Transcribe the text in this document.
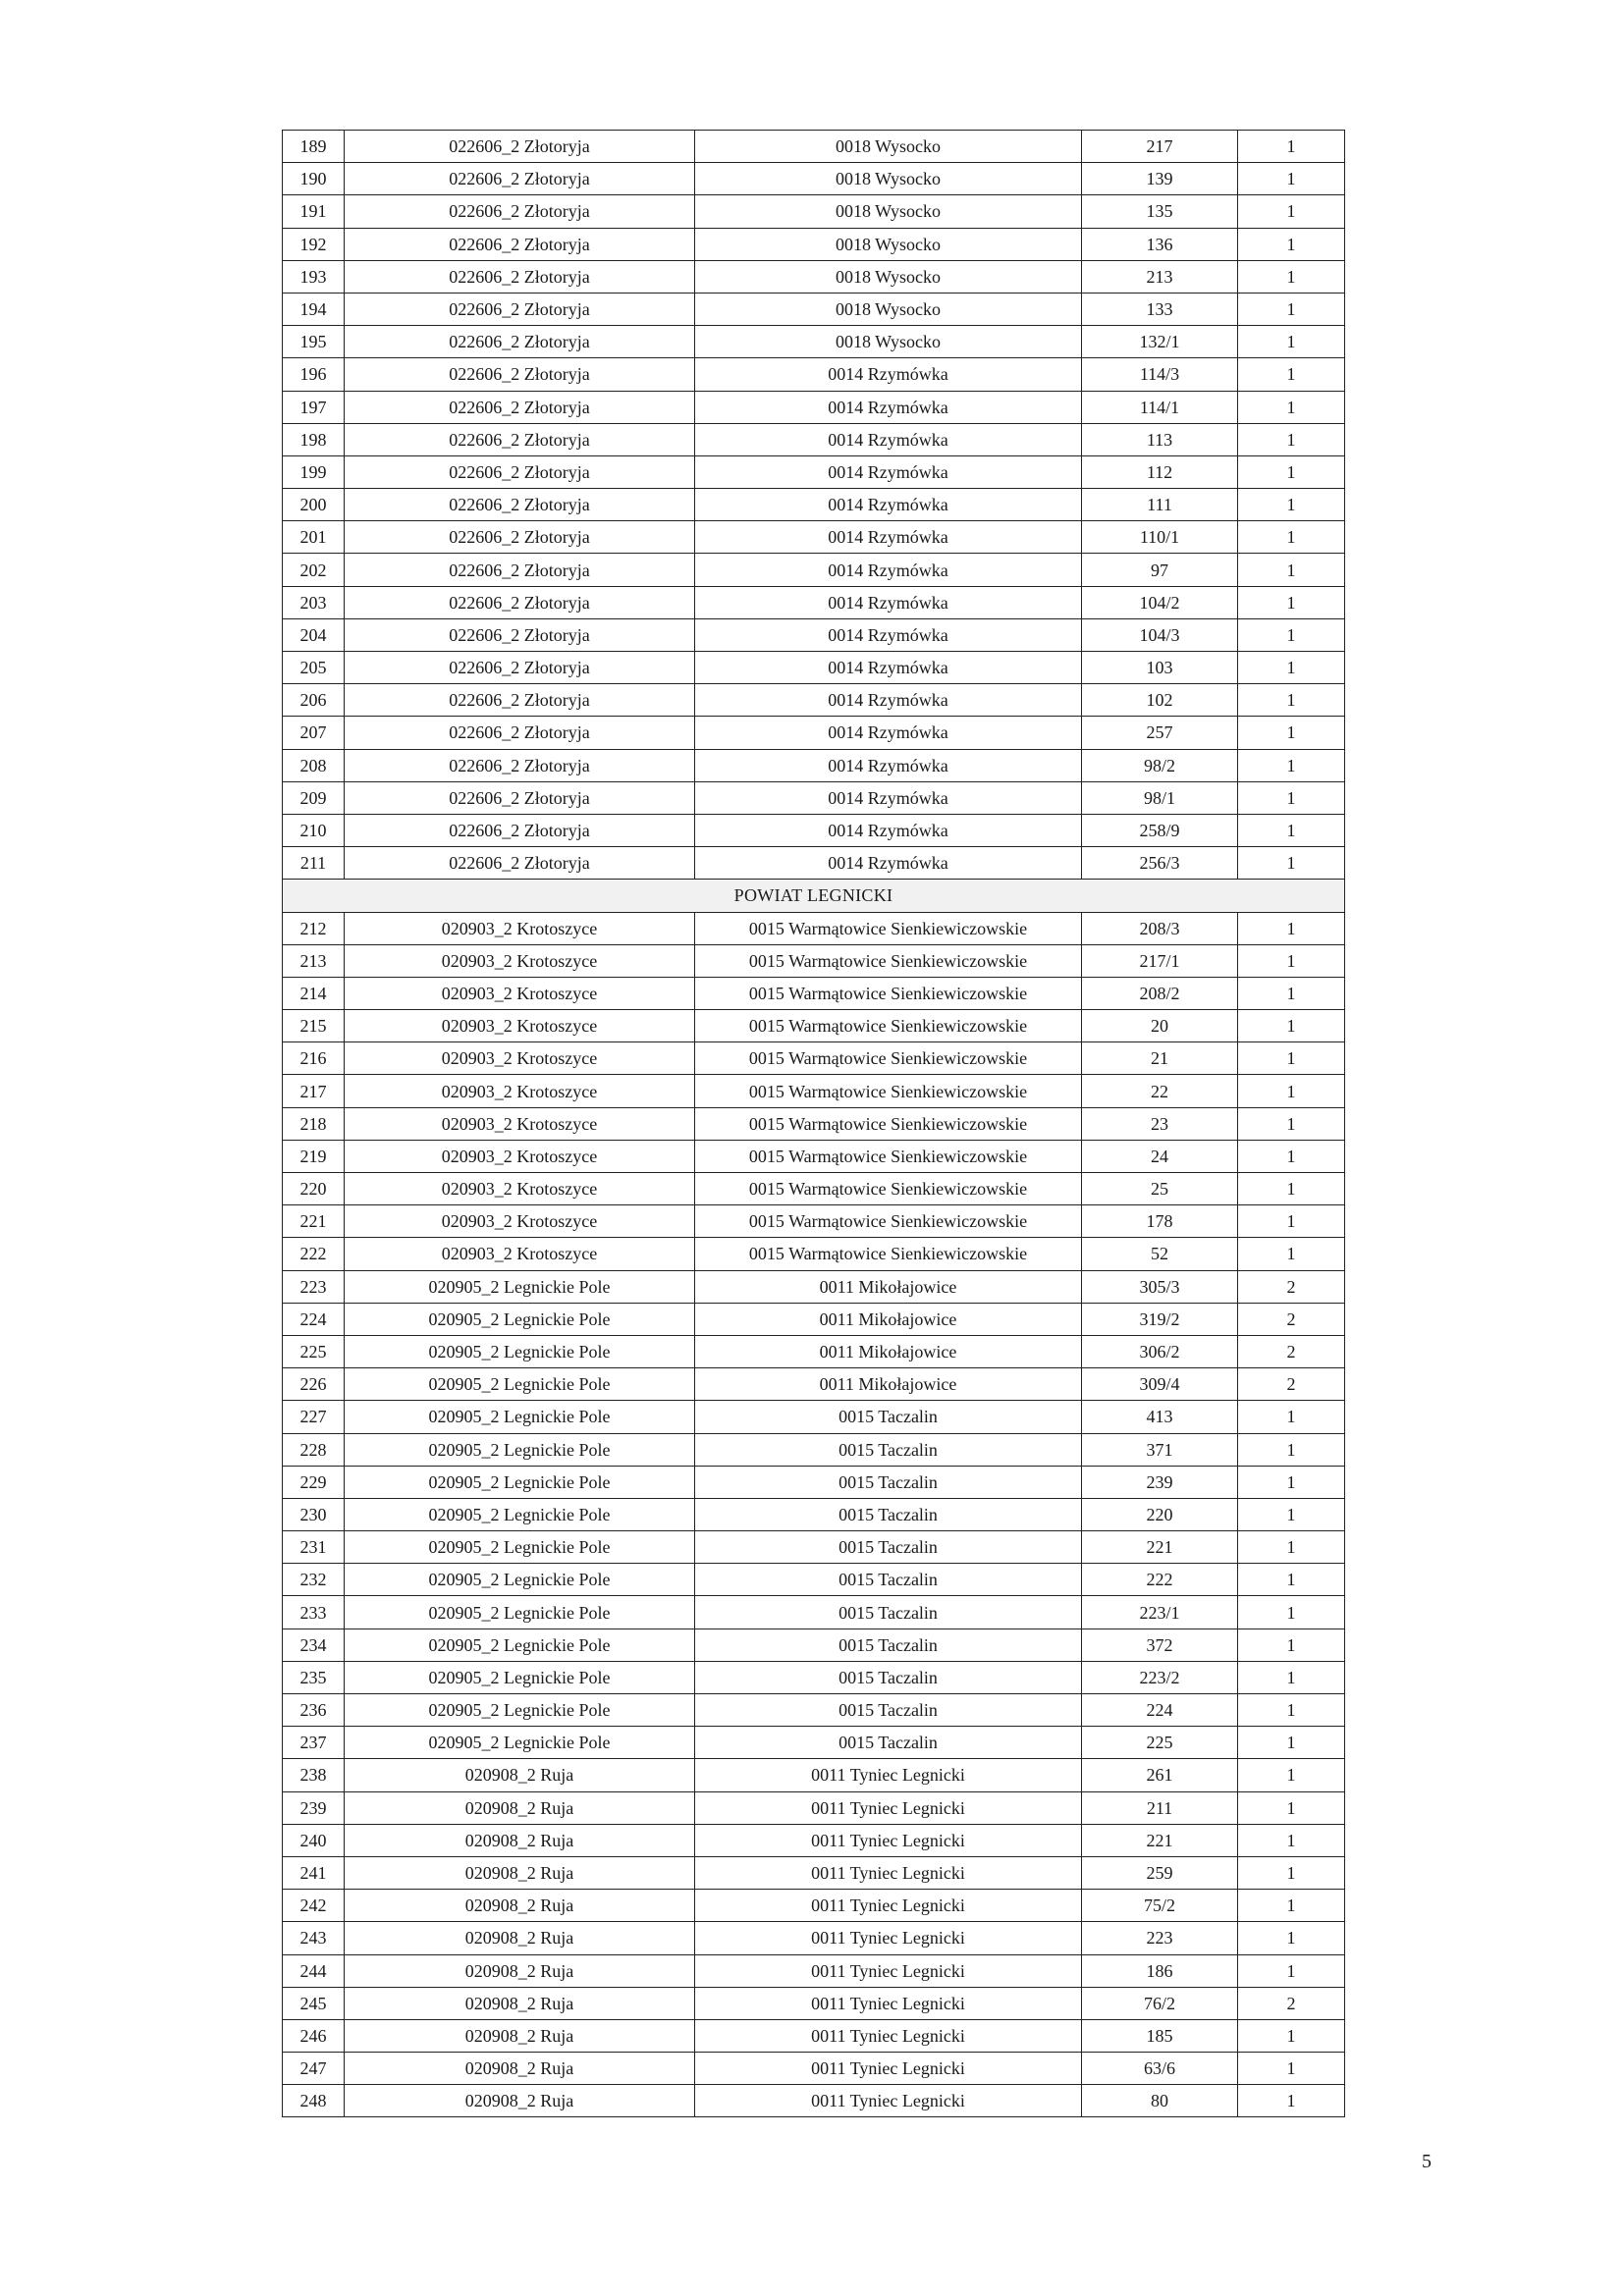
189	022606_2 Złotoryja	0018 Wysocko	217	1
190	022606_2 Złotoryja	0018 Wysocko	139	1
191	022606_2 Złotoryja	0018 Wysocko	135	1
192	022606_2 Złotoryja	0018 Wysocko	136	1
193	022606_2 Złotoryja	0018 Wysocko	213	1
194	022606_2 Złotoryja	0018 Wysocko	133	1
195	022606_2 Złotoryja	0018 Wysocko	132/1	1
196	022606_2 Złotoryja	0014 Rzymówka	114/3	1
197	022606_2 Złotoryja	0014 Rzymówka	114/1	1
198	022606_2 Złotoryja	0014 Rzymówka	113	1
199	022606_2 Złotoryja	0014 Rzymówka	112	1
200	022606_2 Złotoryja	0014 Rzymówka	111	1
201	022606_2 Złotoryja	0014 Rzymówka	110/1	1
202	022606_2 Złotoryja	0014 Rzymówka	97	1
203	022606_2 Złotoryja	0014 Rzymówka	104/2	1
204	022606_2 Złotoryja	0014 Rzymówka	104/3	1
205	022606_2 Złotoryja	0014 Rzymówka	103	1
206	022606_2 Złotoryja	0014 Rzymówka	102	1
207	022606_2 Złotoryja	0014 Rzymówka	257	1
208	022606_2 Złotoryja	0014 Rzymówka	98/2	1
209	022606_2 Złotoryja	0014 Rzymówka	98/1	1
210	022606_2 Złotoryja	0014 Rzymówka	258/9	1
211	022606_2 Złotoryja	0014 Rzymówka	256/3	1
POWIAT LEGNICKI				
212	020903_2 Krotoszyce	0015 Warmątowice Sienkiewiczowskie	208/3	1
213	020903_2 Krotoszyce	0015 Warmątowice Sienkiewiczowskie	217/1	1
214	020903_2 Krotoszyce	0015 Warmątowice Sienkiewiczowskie	208/2	1
215	020903_2 Krotoszyce	0015 Warmątowice Sienkiewiczowskie	20	1
216	020903_2 Krotoszyce	0015 Warmątowice Sienkiewiczowskie	21	1
217	020903_2 Krotoszyce	0015 Warmątowice Sienkiewiczowskie	22	1
218	020903_2 Krotoszyce	0015 Warmątowice Sienkiewiczowskie	23	1
219	020903_2 Krotoszyce	0015 Warmątowice Sienkiewiczowskie	24	1
220	020903_2 Krotoszyce	0015 Warmątowice Sienkiewiczowskie	25	1
221	020903_2 Krotoszyce	0015 Warmątowice Sienkiewiczowskie	178	1
222	020903_2 Krotoszyce	0015 Warmątowice Sienkiewiczowskie	52	1
223	020905_2 Legnickie Pole	0011 Mikołajowice	305/3	2
224	020905_2 Legnickie Pole	0011 Mikołajowice	319/2	2
225	020905_2 Legnickie Pole	0011 Mikołajowice	306/2	2
226	020905_2 Legnickie Pole	0011 Mikołajowice	309/4	2
227	020905_2 Legnickie Pole	0015 Taczalin	413	1
228	020905_2 Legnickie Pole	0015 Taczalin	371	1
229	020905_2 Legnickie Pole	0015 Taczalin	239	1
230	020905_2 Legnickie Pole	0015 Taczalin	220	1
231	020905_2 Legnickie Pole	0015 Taczalin	221	1
232	020905_2 Legnickie Pole	0015 Taczalin	222	1
233	020905_2 Legnickie Pole	0015 Taczalin	223/1	1
234	020905_2 Legnickie Pole	0015 Taczalin	372	1
235	020905_2 Legnickie Pole	0015 Taczalin	223/2	1
236	020905_2 Legnickie Pole	0015 Taczalin	224	1
237	020905_2 Legnickie Pole	0015 Taczalin	225	1
238	020908_2 Ruja	0011 Tyniec Legnicki	261	1
239	020908_2 Ruja	0011 Tyniec Legnicki	211	1
240	020908_2 Ruja	0011 Tyniec Legnicki	221	1
241	020908_2 Ruja	0011 Tyniec Legnicki	259	1
242	020908_2 Ruja	0011 Tyniec Legnicki	75/2	1
243	020908_2 Ruja	0011 Tyniec Legnicki	223	1
244	020908_2 Ruja	0011 Tyniec Legnicki	186	1
245	020908_2 Ruja	0011 Tyniec Legnicki	76/2	2
246	020908_2 Ruja	0011 Tyniec Legnicki	185	1
247	020908_2 Ruja	0011 Tyniec Legnicki	63/6	1
248	020908_2 Ruja	0011 Tyniec Legnicki	80	1
5
